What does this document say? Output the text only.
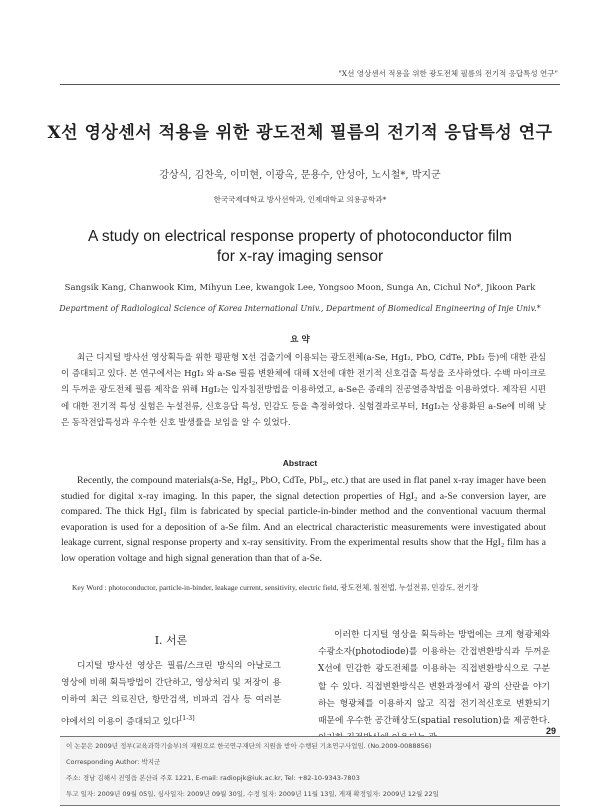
"X선 영상센서 적용을 위한 광도전체 필름의 전기적 응답특성 연구"
X선 영상센서 적용을 위한 광도전체 필름의 전기적 응답특성 연구
강상식, 김찬욱, 이미현, 이광옥, 문용수, 안성아, 노시철*, 박지군
한국국제대학교 방사선학과, 인제대학교 의용공학과*
A study on electrical response property of photoconductor film
for x-ray imaging sensor
Sangsik Kang, Chanwook Kim, Mihyun Lee, kwangok Lee, Yongsoo Moon, Sunga An, Cichul No*, Jikoon Park
Department of Radiological Science of Korea International Univ., Department of Biomedical Engineering of Inje Univ.*
요 약

최근 디지털 방사선 영상획득을 위한 평판형 X선 검출기에 이용되는 광도전체(a-Se, HgI₂, PbO, CdTe, PbI₂ 등)에 대한 관심이 증대되고 있다. 본 연구에서는 HgI₂ 와 a-Se 필름 변환체에 대해 X선에 대한 전기적 신호검출 특성을 조사하였다. 수백 마이크로의 두꺼운 광도전체 필름 제작을 위해 HgI₂는 입자침전방법을 이용하였고, a-Se은 종래의 진공열증착법을 이용하였다. 제작된 시편에 대한 전기적 특성 실험은 누설전류, 신호응답 특성, 민감도 등을 측정하였다. 실험결과로부터, HgI₂는 상용화된 a-Se에 비해 낮은 동작전압특성과 우수한 신호 발생률을 보임을 알 수 있었다.

Abstract

Recently, the compound materials(a-Se, HgI₂, PbO, CdTe, PbI₂, etc.) that are used in flat panel x-ray imager have been studied for digital x-ray imaging. In this paper, the signal detection properties of HgI₂ and a-Se conversion layer, are compared. The thick HgI₂ film is fabricated by special particle-in-binder method and the conventional vacuum thermal evaporation is used for a deposition of a-Se film. And an electrical characteristic measurements were investigated about leakage current, signal response property and x-ray sensitivity. From the experimental results show that the HgI₂ film has a low operation voltage and high signal generation than that of a-Se.

Key Word : photoconductor, particle-in-binder, leakage current, sensitivity, electric field, 광도전체, 침전법, 누설전류, 민감도, 전기장
I. 서론

디지털 방사선 영상은 필름/스크린 방식의 아날로그 영상에 비해 획득방법이 간단하고, 영상처리 및 저장이 용이하여 최근 의료진단, 항만검색, 비파괴 검사 등 여러분야에서의 이용이 증대되고 있다[1-3]

이러한 디지털 영상을 획득하는 방법에는 크게 형광체와 수광소자(photodiode)를 이용하는 간접변환방식과 두꺼운 X선에 민감한 광도전체를 이용하는 직접변환방식으로 구분할 수 있다. 직접변환방식은 변환과정에서 광의 산란을 야기하는 형광체를 이용하지 않고 직접 전기적신호로 변환되기 때문에 우수한 공간해상도(spatial resolution)을 제공한다.

29
이 논문은 2009년 정부(교육과학기술부)의 재원으로 한국연구재단의 지원을 받아 수행된 기초연구사업임. (No.2009-0088856)
Corresponding Author: 박지군
주소: 경남 김해시 진영읍 본산리 주호 1221, E-mail: radiopjk@iuk.ac.kr, Tel: +82-10-9343-7803
투고 일자: 2009년 09월 05일, 심사일자: 2009년 09월 30일, 수정 일자: 2009년 11월 13일, 게재 확정일자: 2009년 12월 22일
